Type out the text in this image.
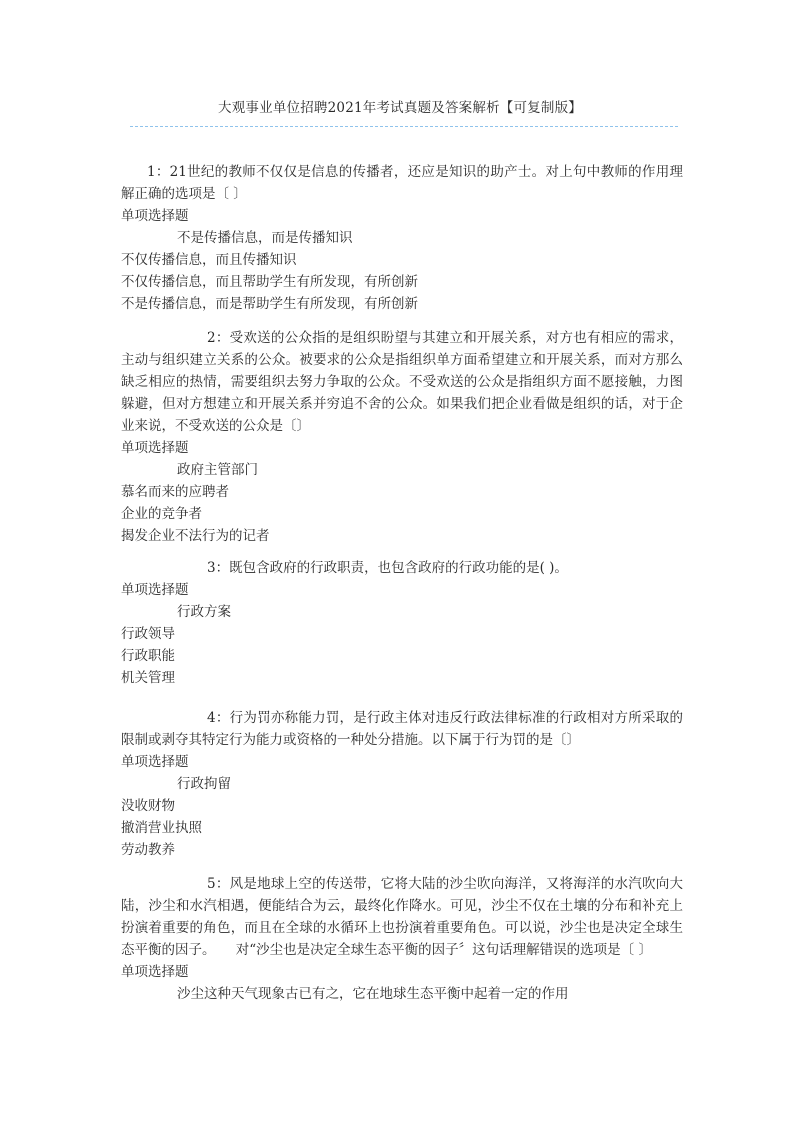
大观事业单位招聘2021年考试真题及答案解析【可复制版】
1：21世纪的教师不仅仅是信息的传播者，还应是知识的助产士。对上句中教师的作用理解正确的选项是〔 〕
单项选择题
不是传播信息，而是传播知识
不仅传播信息，而且传播知识
不仅传播信息，而且帮助学生有所发现，有所创新
不是传播信息，而是帮助学生有所发现，有所创新
2：受欢送的公众指的是组织盼望与其建立和开展关系，对方也有相应的需求，主动与组织建立关系的公众。被要求的公众是指组织单方面希望建立和开展关系，而对方那么缺乏相应的热情，需要组织去努力争取的公众。不受欢送的公众是指组织方面不愿接触，力图躲避，但对方想建立和开展关系并穷追不舍的公众。如果我们把企业看做是组织的话，对于企业来说，不受欢送的公众是〔〕
单项选择题
政府主管部门
慕名而来的应聘者
企业的竞争者
揭发企业不法行为的记者
3：既包含政府的行政职责，也包含政府的行政功能的是( )。
单项选择题
行政方案
行政领导
行政职能
机关管理
4：行为罚亦称能力罚，是行政主体对违反行政法律标准的行政相对方所采取的限制或剥夺其特定行为能力或资格的一种处分措施。以下属于行为罚的是〔〕
单项选择题
行政拘留
没收财物
撤消营业执照
劳动教养
5：风是地球上空的传送带，它将大陆的沙尘吹向海洋，又将海洋的水汽吹向大陆，沙尘和水汽相遇，便能结合为云，最终化作降水。可见，沙尘不仅在土壤的分布和补充上扮演着重要的角色，而且在全球的水循环上也扮演着重要角色。可以说，沙尘也是决定全球生态平衡的因子。　　对“沙尘也是决定全球生态平衡的因子〞这句话理解错误的选项是〔 〕
单项选择题
沙尘这种天气现象古已有之，它在地球生态平衡中起着一定的作用
